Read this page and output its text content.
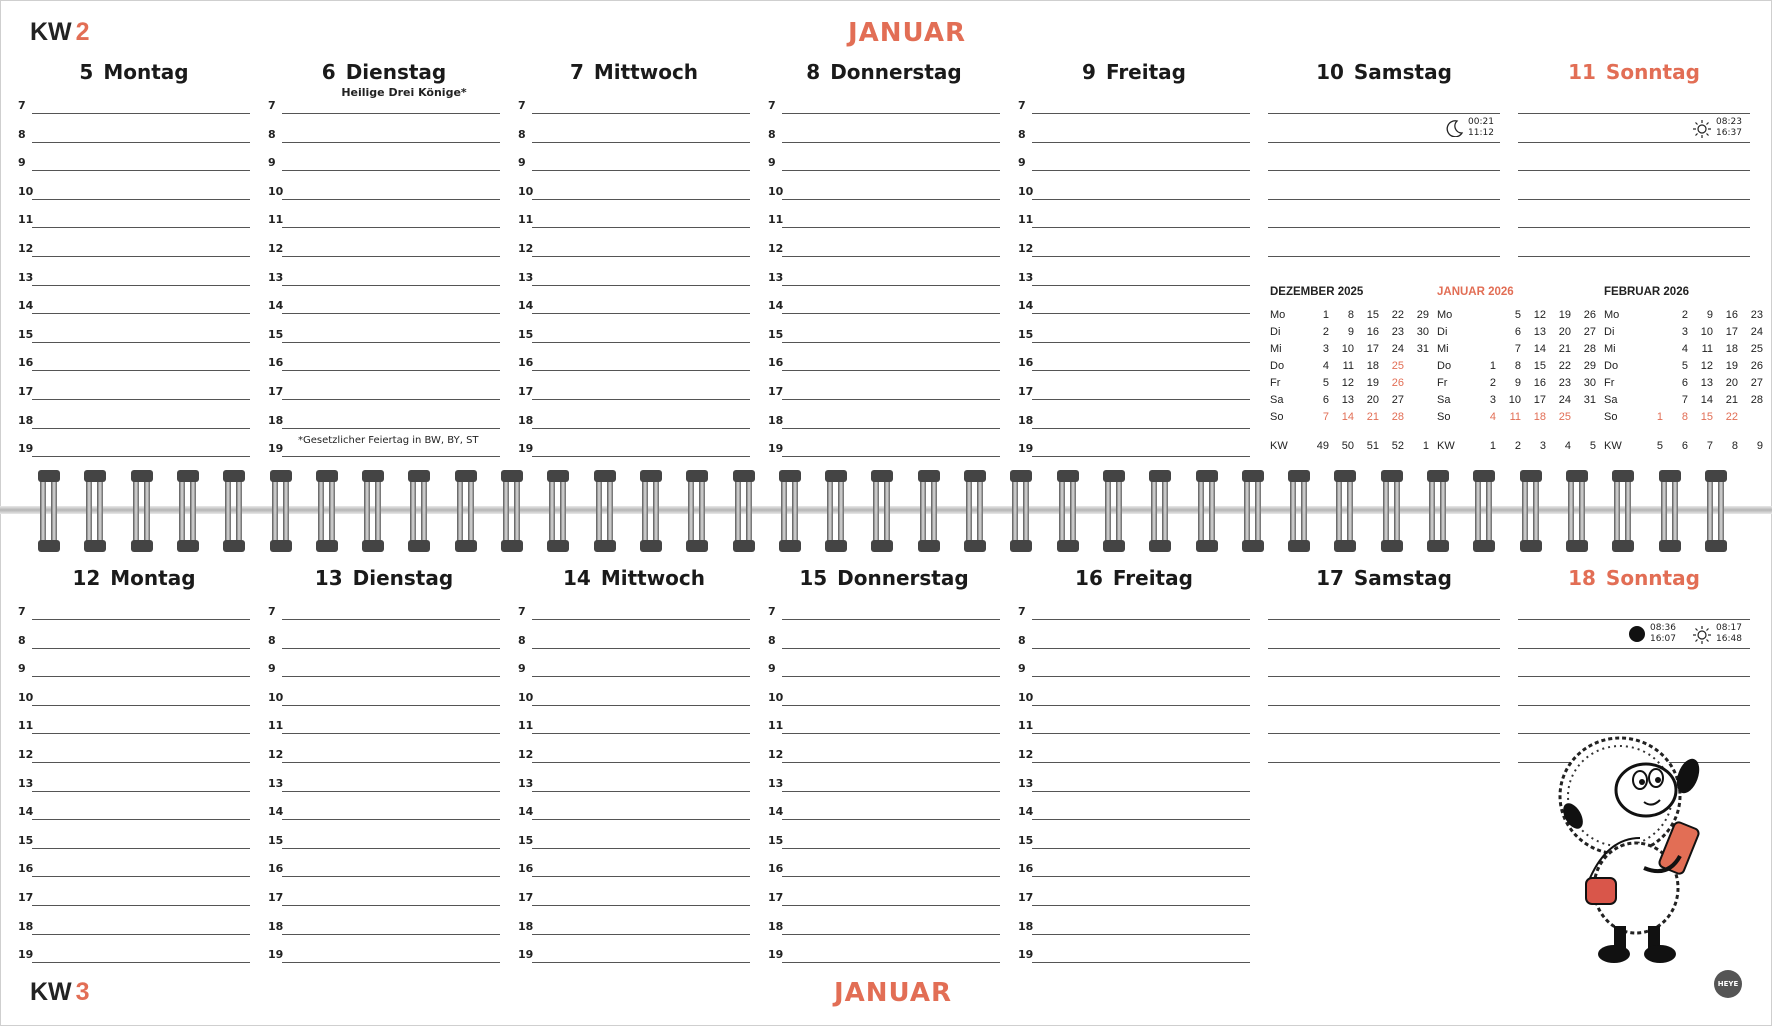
KW 2	JANUAR
5 Montag
7
8
9
10
11
12
13
14
15
16
17
18
19
6 Dienstag
Heilige Drei Könige*
7
8
9
10
11
12
13
14
15
16
17
18
19
*Gesetzlicher Feiertag in BW, BY, ST
7 Mittwoch
7
8
9
10
11
12
13
14
15
16
17
18
19
8 Donnerstag
7
8
9
10
11
12
13
14
15
16
17
18
19
9 Freitag
7
8
9
10
11
12
13
14
15
16
17
18
19
10 Samstag
00:21
11:12
11 Sonntag
08:23
16:37
12 Montag
7
8
9
10
11
12
13
14
15
16
17
18
19
13 Dienstag
7
8
9
10
11
12
13
14
15
16
17
18
19
14 Mittwoch
7
8
9
10
11
12
13
14
15
16
17
18
19
15 Donnerstag
7
8
9
10
11
12
13
14
15
16
17
18
19
16 Freitag
7
8
9
10
11
12
13
14
15
16
17
18
19
17 Samstag	18 Sonntag
08:36
16:07
08:17
16:48
KW 3	JANUAR
DEZEMBER 2025
Mo	1	8	15	22	29
Di	2	9	16	23	30
Mi	3	10	17	24	31
Do	4	11	18	25	
Fr	5	12	19	26	
Sa	6	13	20	27	
So	7	14	21	28	
KW	49	50	51	52	1
JANUAR 2026
Mo		5	12	19	26
Di		6	13	20	27
Mi		7	14	21	28
Do	1	8	15	22	29
Fr	2	9	16	23	30
Sa	3	10	17	24	31
So	4	11	18	25	
KW	1	2	3	4	5
FEBRUAR 2026
Mo		2	9	16	23
Di		3	10	17	24
Mi		4	11	18	25
Do		5	12	19	26
Fr		6	13	20	27
Sa		7	14	21	28
So	1	8	15	22	
KW	5	6	7	8	9
HEYE
